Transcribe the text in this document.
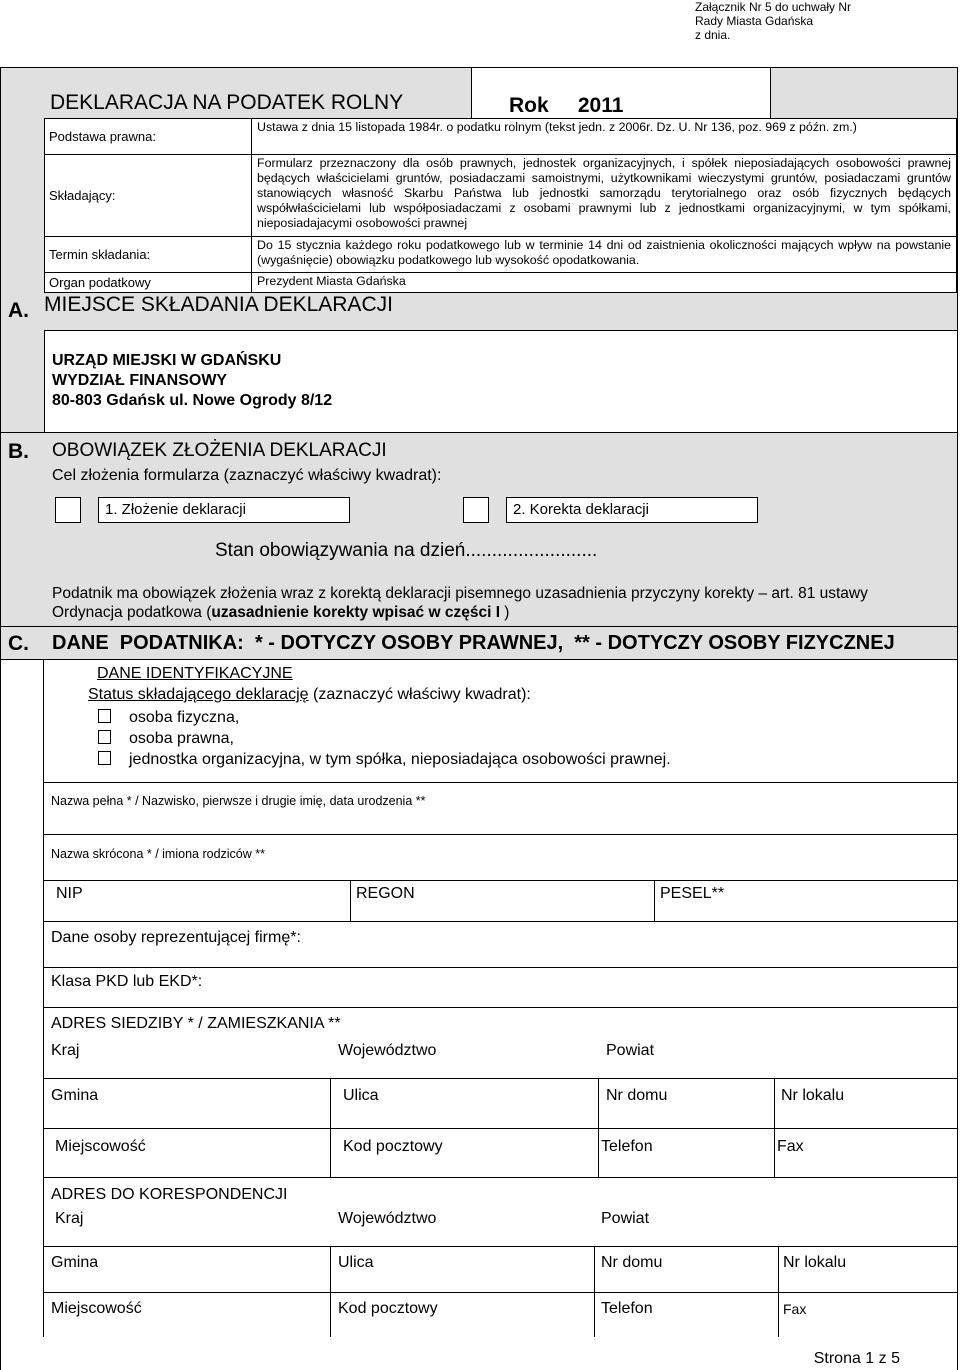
Załącznik Nr 5 do uchwały Nr
Rady Miasta Gdańska
z dnia.
DEKLARACJA NA PODATEK ROLNY	Rok     2011
Podstawa prawna:	Ustawa z dnia 15 listopada 1984r. o podatku rolnym (tekst jedn. z 2006r. Dz. U. Nr 136, poz. 969 z późn. zm.)
Składający:	Formularz przeznaczony dla osób prawnych, jednostek organizacyjnych, i spółek nieposiadających osobowości prawnej będących właścicielami gruntów, posiadaczami samoistnymi, użytkownikami wieczystymi gruntów, posiadaczami gruntów stanowiących własność Skarbu Państwa lub jednostki samorządu terytorialnego oraz osób fizycznych będących współwłaścicielami lub współposiadaczami z osobami prawnymi lub z jednostkami organizacyjnymi, w tym spółkami, nieposiadajacymi osobowości prawnej
Termin składania:	Do 15 stycznia każdego roku podatkowego lub w terminie 14 dni od zaistnienia okoliczności mających wpływ na powstanie (wygaśnięcie) obowiązku podatkowego lub wysokość opodatkowania.
Organ podatkowy	Prezydent Miasta Gdańska
A. MIEJSCE SKŁADANIA DEKLARACJI
URZĄD MIEJSKI W GDAŃSKU
WYDZIAŁ FINANSOWY
80-803 Gdańsk ul. Nowe Ogrody 8/12
B. OBOWIĄZEK ZŁOŻENIA DEKLARACJI
Cel złożenia formularza (zaznaczyć właściwy kwadrat):
1. Złożenie deklaracji	2. Korekta deklaracji
Stan obowiązywania na dzień.........................
Podatnik ma obowiązek złożenia wraz z korektą deklaracji pisemnego uzasadnienia przyczyny korekty – art. 81 ustawy Ordynacja podatkowa (uzasadnienie korekty wpisać w części I )
C. DANE  PODATNIKA:  * - DOTYCZY OSOBY PRAWNEJ,  ** - DOTYCZY OSOBY FIZYCZNEJ
DANE IDENTYFIKACYJNE
Status składającego deklarację (zaznaczyć właściwy kwadrat):
osoba fizyczna,
osoba prawna,
jednostka organizacyjna, w tym spółka, nieposiadająca osobowości prawnej.
Nazwa pełna * / Nazwisko, pierwsze i drugie imię, data urodzenia **
Nazwa skrócona * / imiona rodziców **
NIP	REGON	PESEL**
Dane osoby reprezentującej firmę*:
Klasa PKD lub EKD*:
ADRES SIEDZIBY * / ZAMIESZKANIA **
Kraj	Województwo	Powiat
Gmina	Ulica	Nr domu	Nr lokalu
Miejscowość	Kod pocztowy	Telefon	Fax
ADRES DO KORESPONDENCJI
Kraj	Województwo	Powiat
Gmina	Ulica	Nr domu	Nr lokalu
Miejscowość	Kod pocztowy	Telefon	Fax
Strona 1 z 5
